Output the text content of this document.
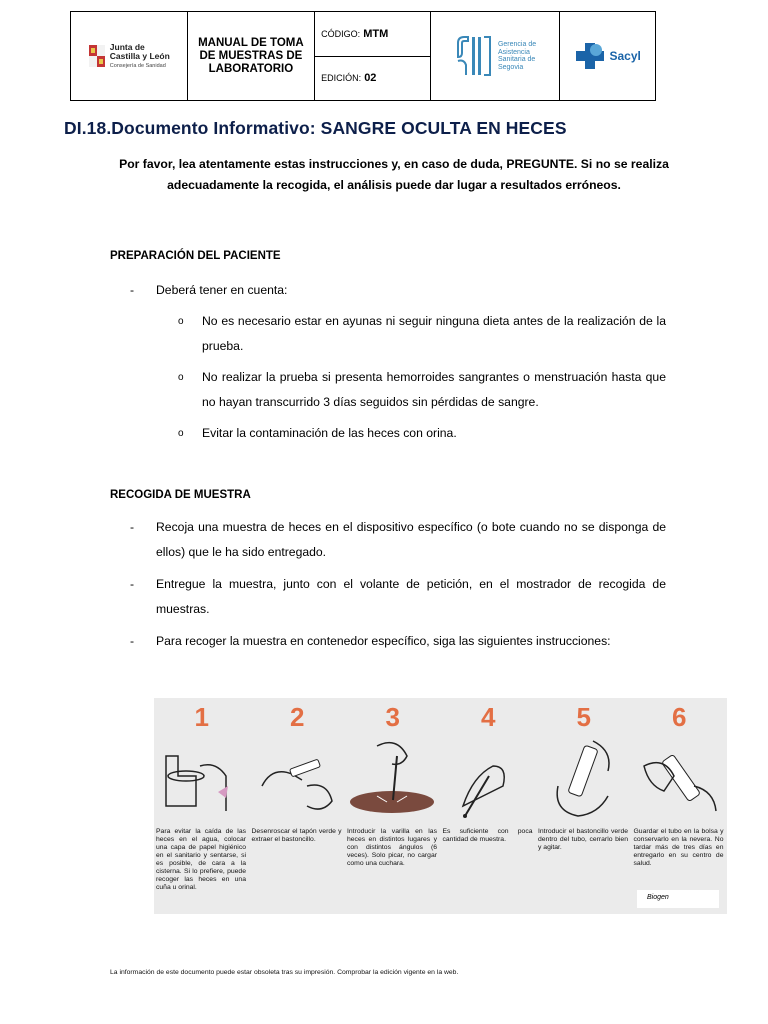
Junta de
Castilla y León
Consejería de Sanidad
MANUAL DE TOMA DE MUESTRAS DE LABORATORIO
CÓDIGO: MTM
EDICIÓN: 02
Gerencia de
Asistencia
Sanitaria de
Segovia
Sacyl
DI.18.Documento Informativo: SANGRE OCULTA EN HECES

Por favor, lea atentamente estas instrucciones y, en caso de duda, PREGUNTE. Si no se realiza adecuadamente la recogida, el análisis puede dar lugar a resultados erróneos.

PREPARACIÓN DEL PACIENTE
-	Deberá tener en cuenta:
o	No es necesario estar en ayunas ni seguir ninguna dieta antes de la realización de la prueba.
o	No realizar la prueba si presenta hemorroides sangrantes o menstruación hasta que no hayan transcurrido 3 días seguidos sin pérdidas de sangre.
o	Evitar la contaminación de las heces con orina.
RECOGIDA DE MUESTRA
-	Recoja una muestra de heces en el dispositivo específico (o bote cuando no se disponga de ellos) que le ha sido entregado.
-	Entregue la muestra, junto con el volante de petición, en el mostrador de recogida de muestras.
-	Para recoger la muestra en contenedor específico, siga las siguientes instrucciones:
1
Para evitar la caída de las heces en el agua, colocar una capa de papel higiénico en el sanitario y sentarse, si es posible, de cara a la cisterna. Si lo prefiere, puede recoger las heces en una cuña u orinal.
2
Desenroscar el tapón verde y extraer el bastoncillo.
3
Introducir la varilla en las heces en distintos lugares y con distintos ángulos (6 veces). Solo picar, no cargar como una cuchara.
4
Es suficiente con poca cantidad de muestra.
5
Introducir el bastoncillo verde dentro del tubo, cerrarlo bien y agitar.
6
Guardar el tubo en la bolsa y conservarlo en la nevera. No tardar más de tres días en entregarlo en su centro de salud.
Biogen
La información de este documento puede estar obsoleta tras su impresión. Comprobar la edición vigente en la web.
